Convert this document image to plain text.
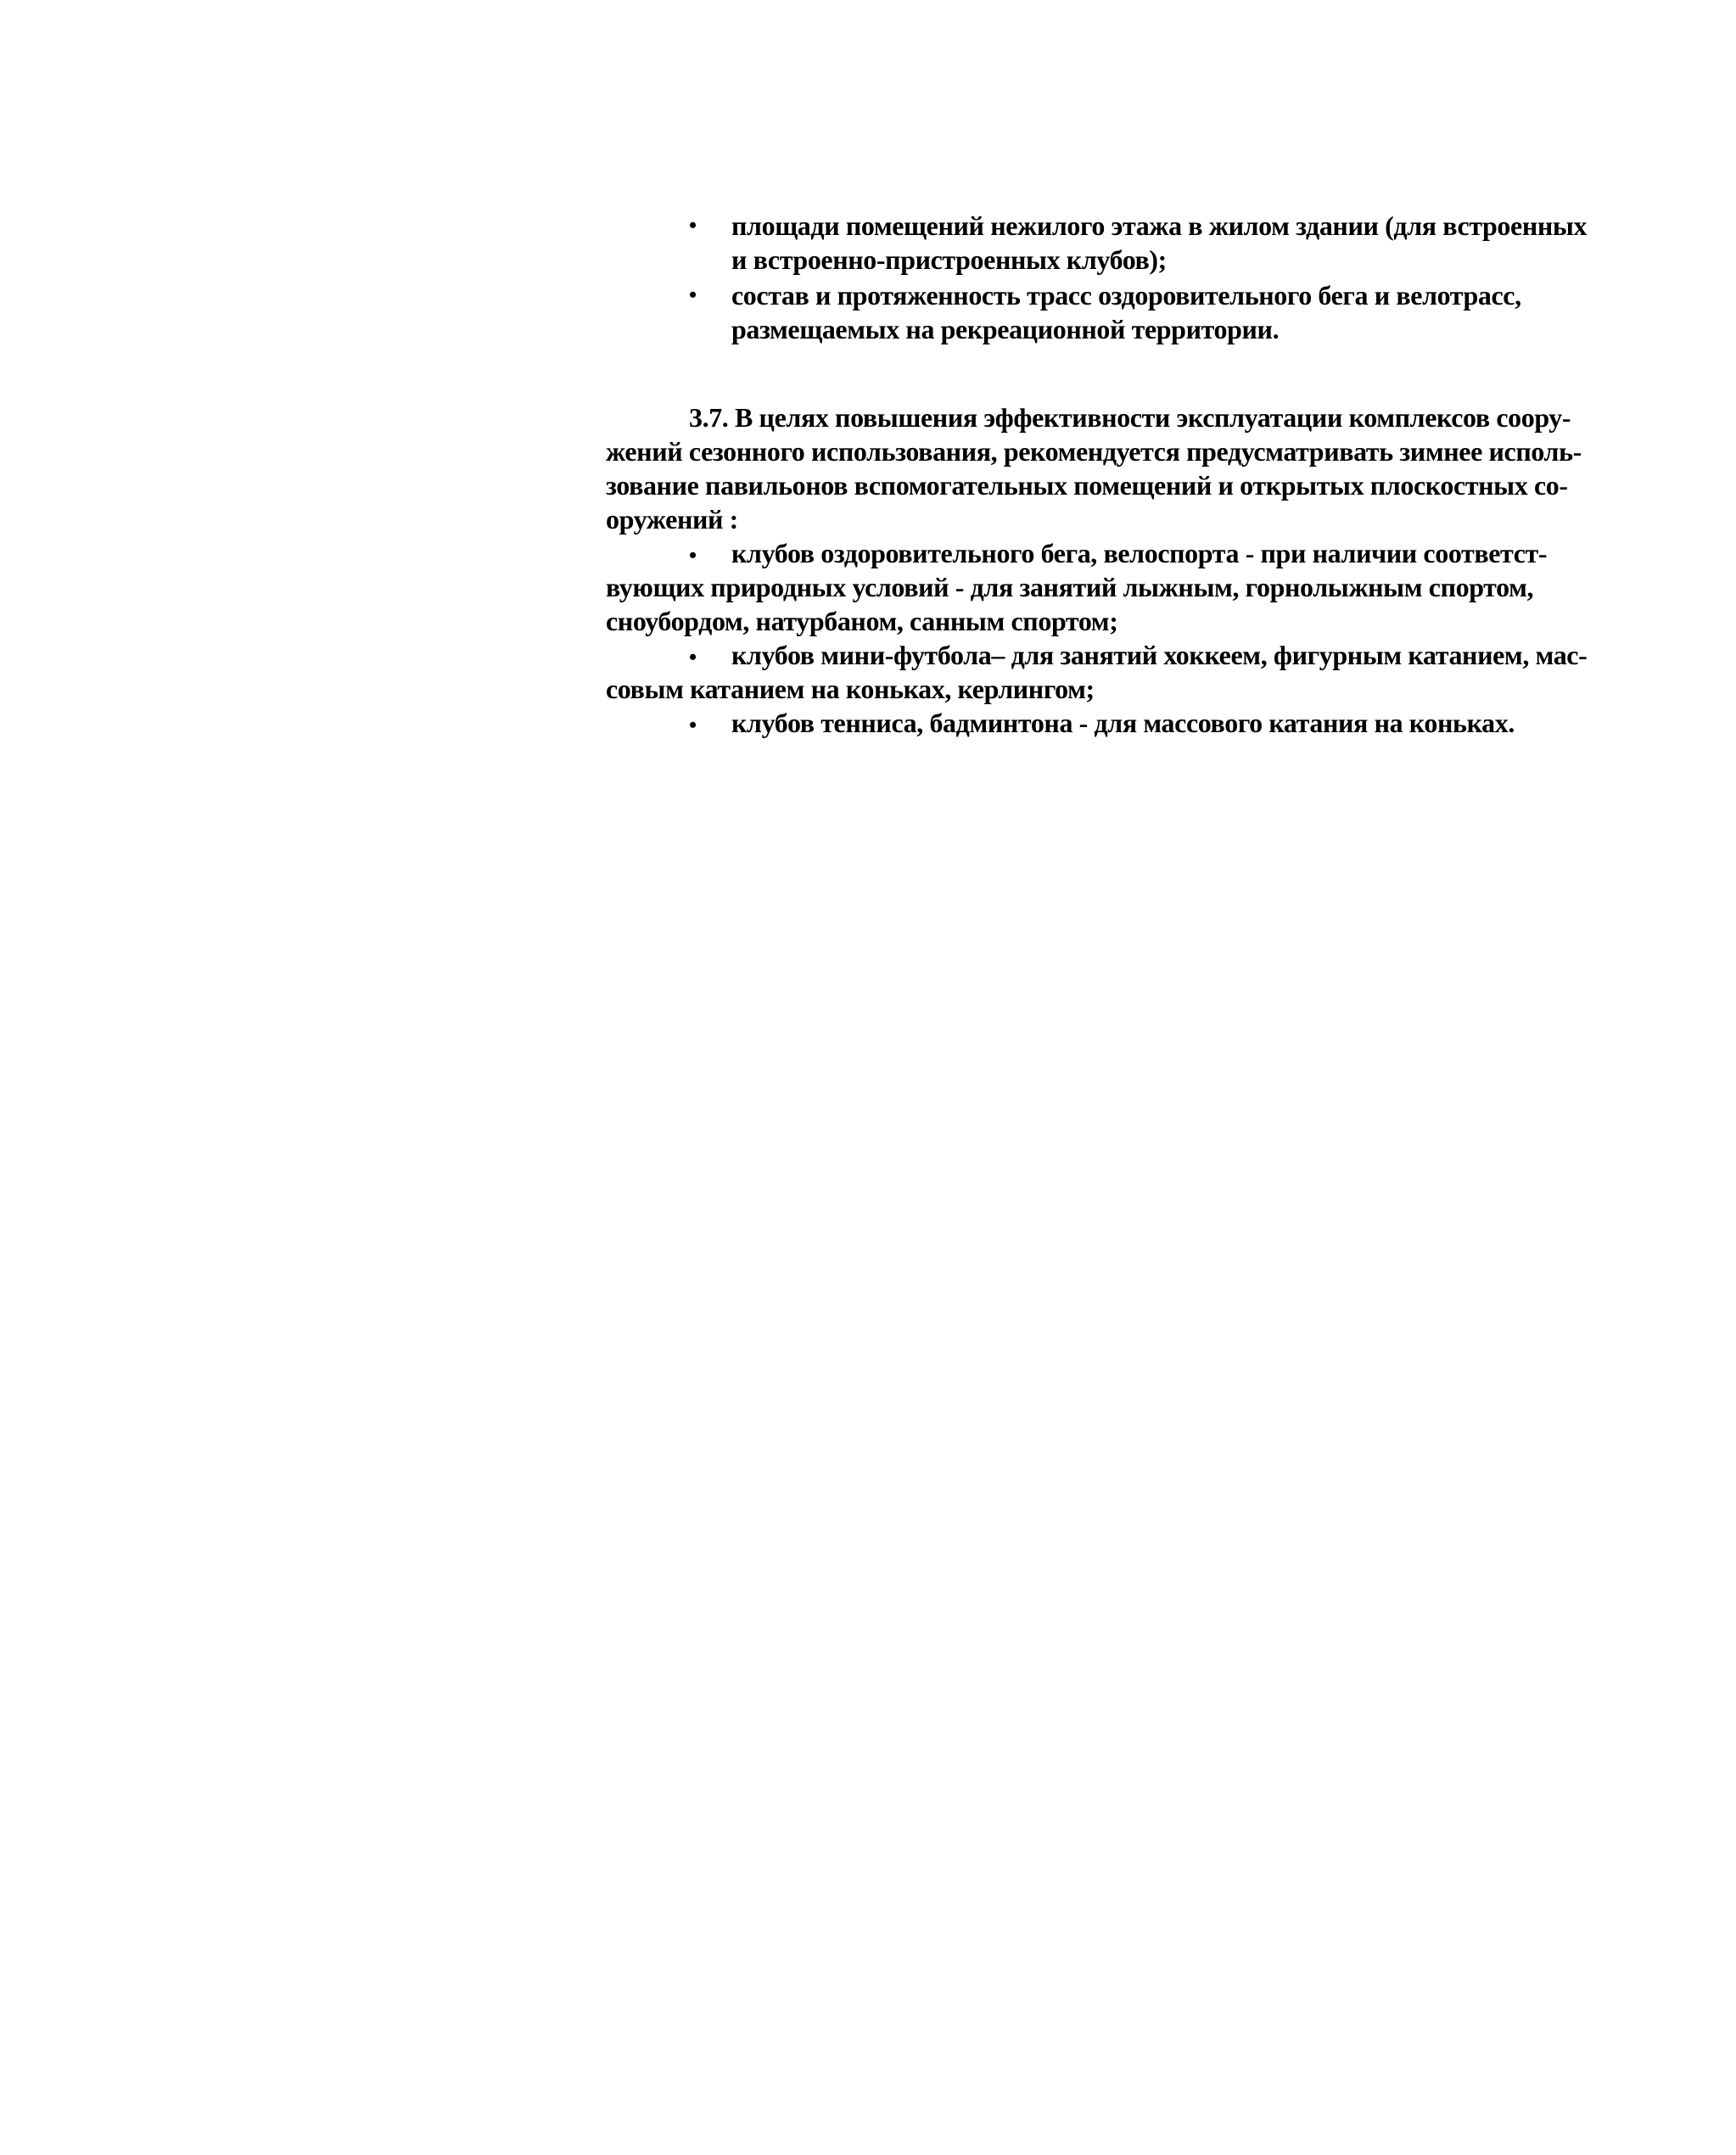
• площади помещений нежилого этажа в жилом здании (для встроенных
и встроенно-пристроенных клубов);
• состав и протяженность трасс оздоровительного бега и велотрасс,
размещаемых на рекреационной территории.
3.7. В целях повышения эффективности эксплуатации комплексов соору-
жений сезонного использования, рекомендуется предусматривать зимнее исполь-
зование павильонов вспомогательных помещений и открытых плоскостных со-
оружений :
• клубов оздоровительного бега, велоспорта - при наличии соответст-
вующих природных условий - для занятий лыжным, горнолыжным спортом,
сноубордом, натурбаном, санным спортом;
• клубов мини-футбола– для занятий хоккеем, фигурным катанием, мас-
совым катанием на коньках, керлингом;
• клубов тенниса, бадминтона - для массового катания на коньках.
